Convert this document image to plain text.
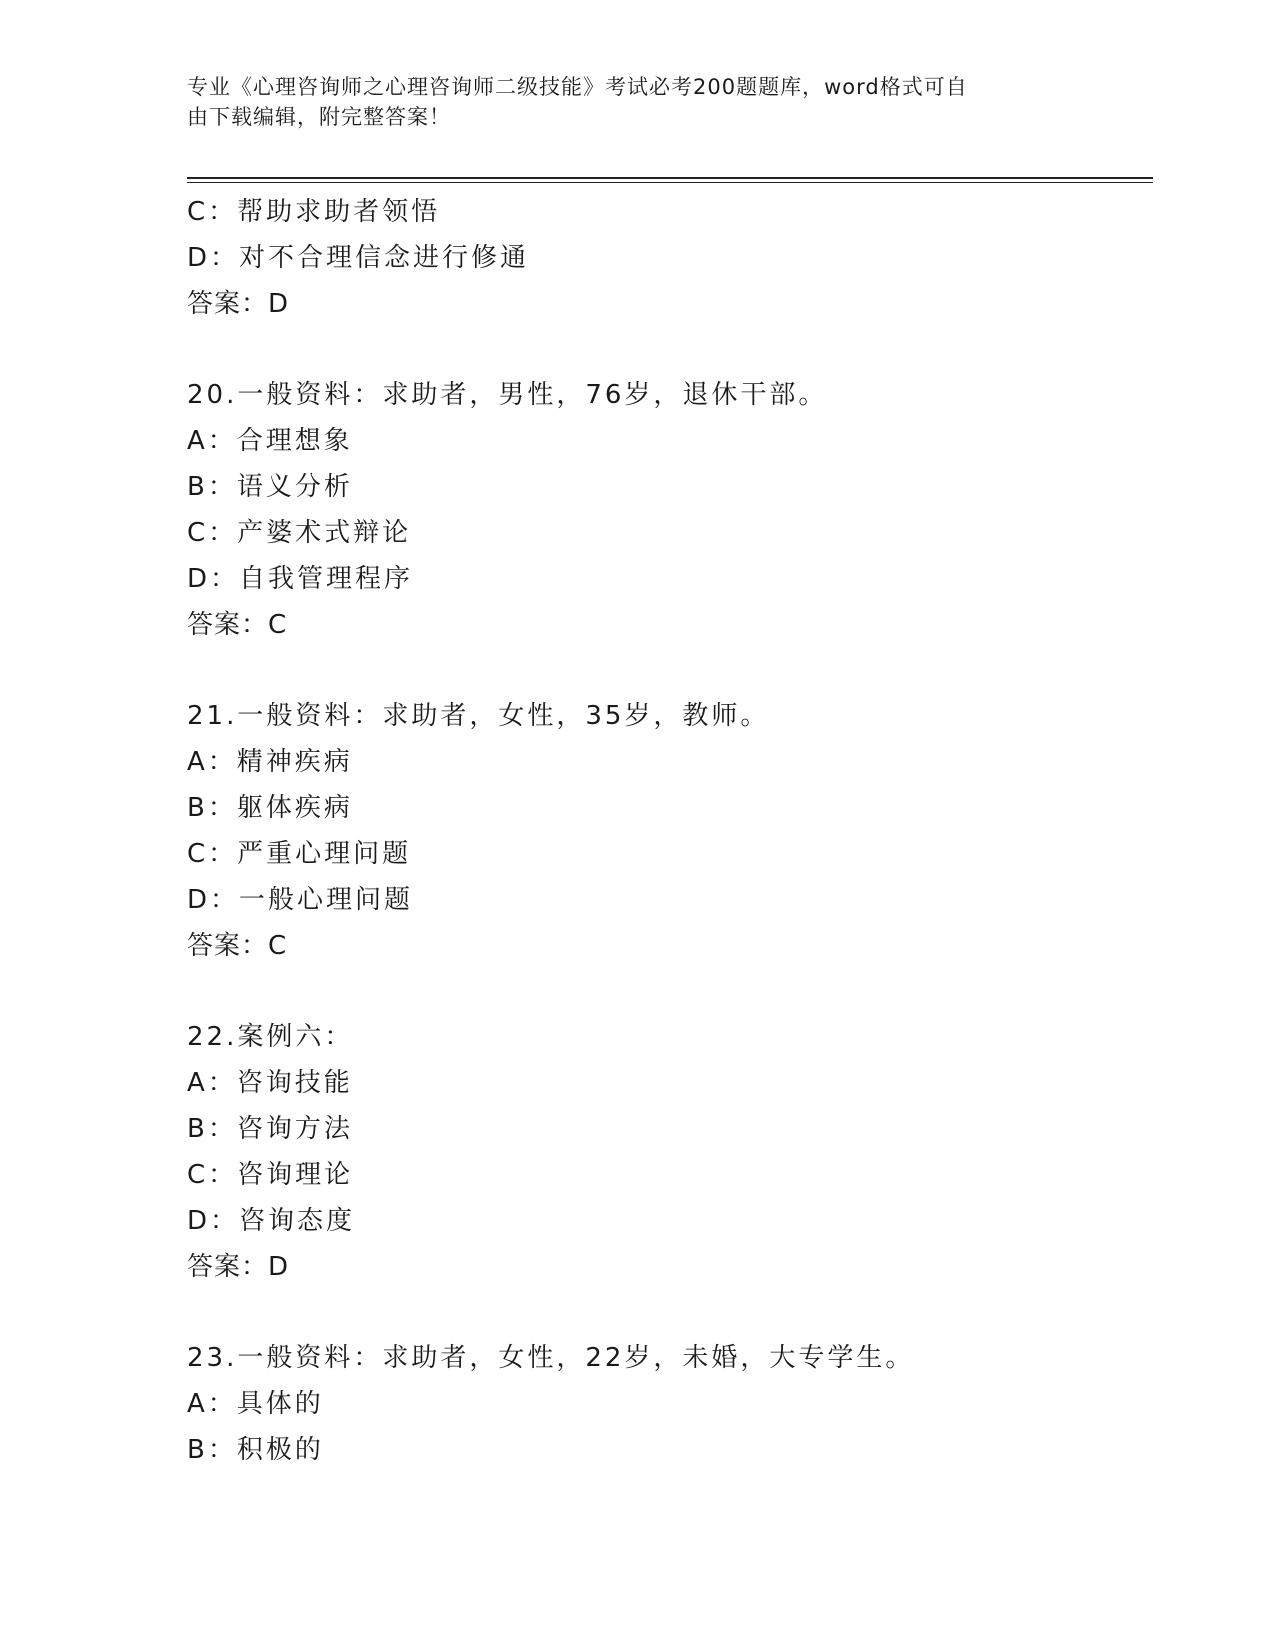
专业《心理咨询师之心理咨询师二级技能》考试必考200题题库，word格式可自
由下载编辑，附完整答案！
C：帮助求助者领悟
D：对不合理信念进行修通
答案：D
20.一般资料：求助者，男性，76岁，退休干部。
A：合理想象
B：语义分析
C：产婆术式辩论
D：自我管理程序
答案：C
21.一般资料：求助者，女性，35岁，教师。
A：精神疾病
B：躯体疾病
C：严重心理问题
D：一般心理问题
答案：C
22.案例六：
A：咨询技能
B：咨询方法
C：咨询理论
D：咨询态度
答案：D
23.一般资料：求助者，女性，22岁，未婚，大专学生。
A：具体的
B：积极的
